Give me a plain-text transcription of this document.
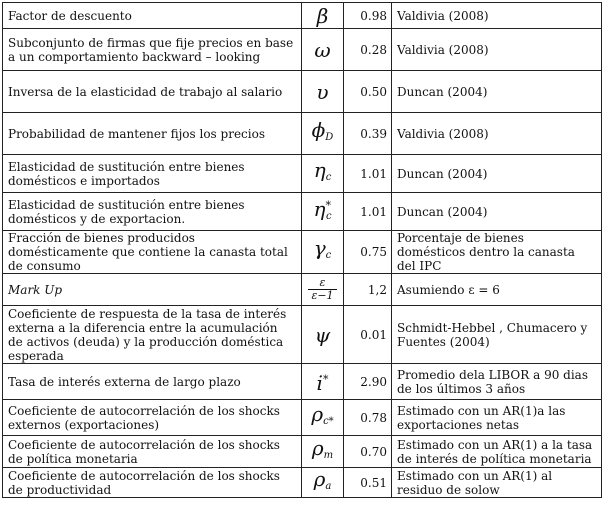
Factor de descuento	β	0.98	Valdivia (2008)
Subconjunto de firmas que fije precios en base a un comportamiento backward – looking	ω	0.28	Valdivia (2008)
Inversa de la elasticidad de trabajo al salario	υ	0.50	Duncan (2004)
Probabilidad de mantener fijos los precios	$\phi_D$	0.39	Valdivia (2008)
Elasticidad de sustitución entre bienes domésticos e importados	$\eta_c$	1.01	Duncan (2004)
Elasticidad de sustitución entre bienes domésticos y de exportacion.	$\eta^*_c$	1.01	Duncan (2004)
Fracción de bienes producidos domésticamente que contiene la canasta total de consumo	$\gamma_c$	0.75	Porcentaje de bienes domésticos dentro la canasta del IPC
Mark Up	$\frac{\varepsilon}{\varepsilon-1}$	1,2	Asumiendo ε = 6
Coeficiente de respuesta de la tasa de interés externa a la diferencia entre la acumulación de activos (deuda) y la producción doméstica esperada	ψ	0.01	Schmidt-Hebbel , Chumacero y Fuentes (2004)
Tasa de interés externa de largo plazo	i*	2.90	Promedio dela LIBOR a 90 dias de los últimos 3 años
Coeficiente de autocorrelación de los shocks externos (exportaciones)	$\rho_{c*}$	0.78	Estimado con un AR(1)a las exportaciones netas
Coeficiente de autocorrelación de los shocks de política monetaria	$\rho_m$	0.70	Estimado con un AR(1) a la tasa de interés de política monetaria
Coeficiente de autocorrelación de los shocks de productividad	$\rho_a$	0.51	Estimado con un AR(1) al residuo de solow
